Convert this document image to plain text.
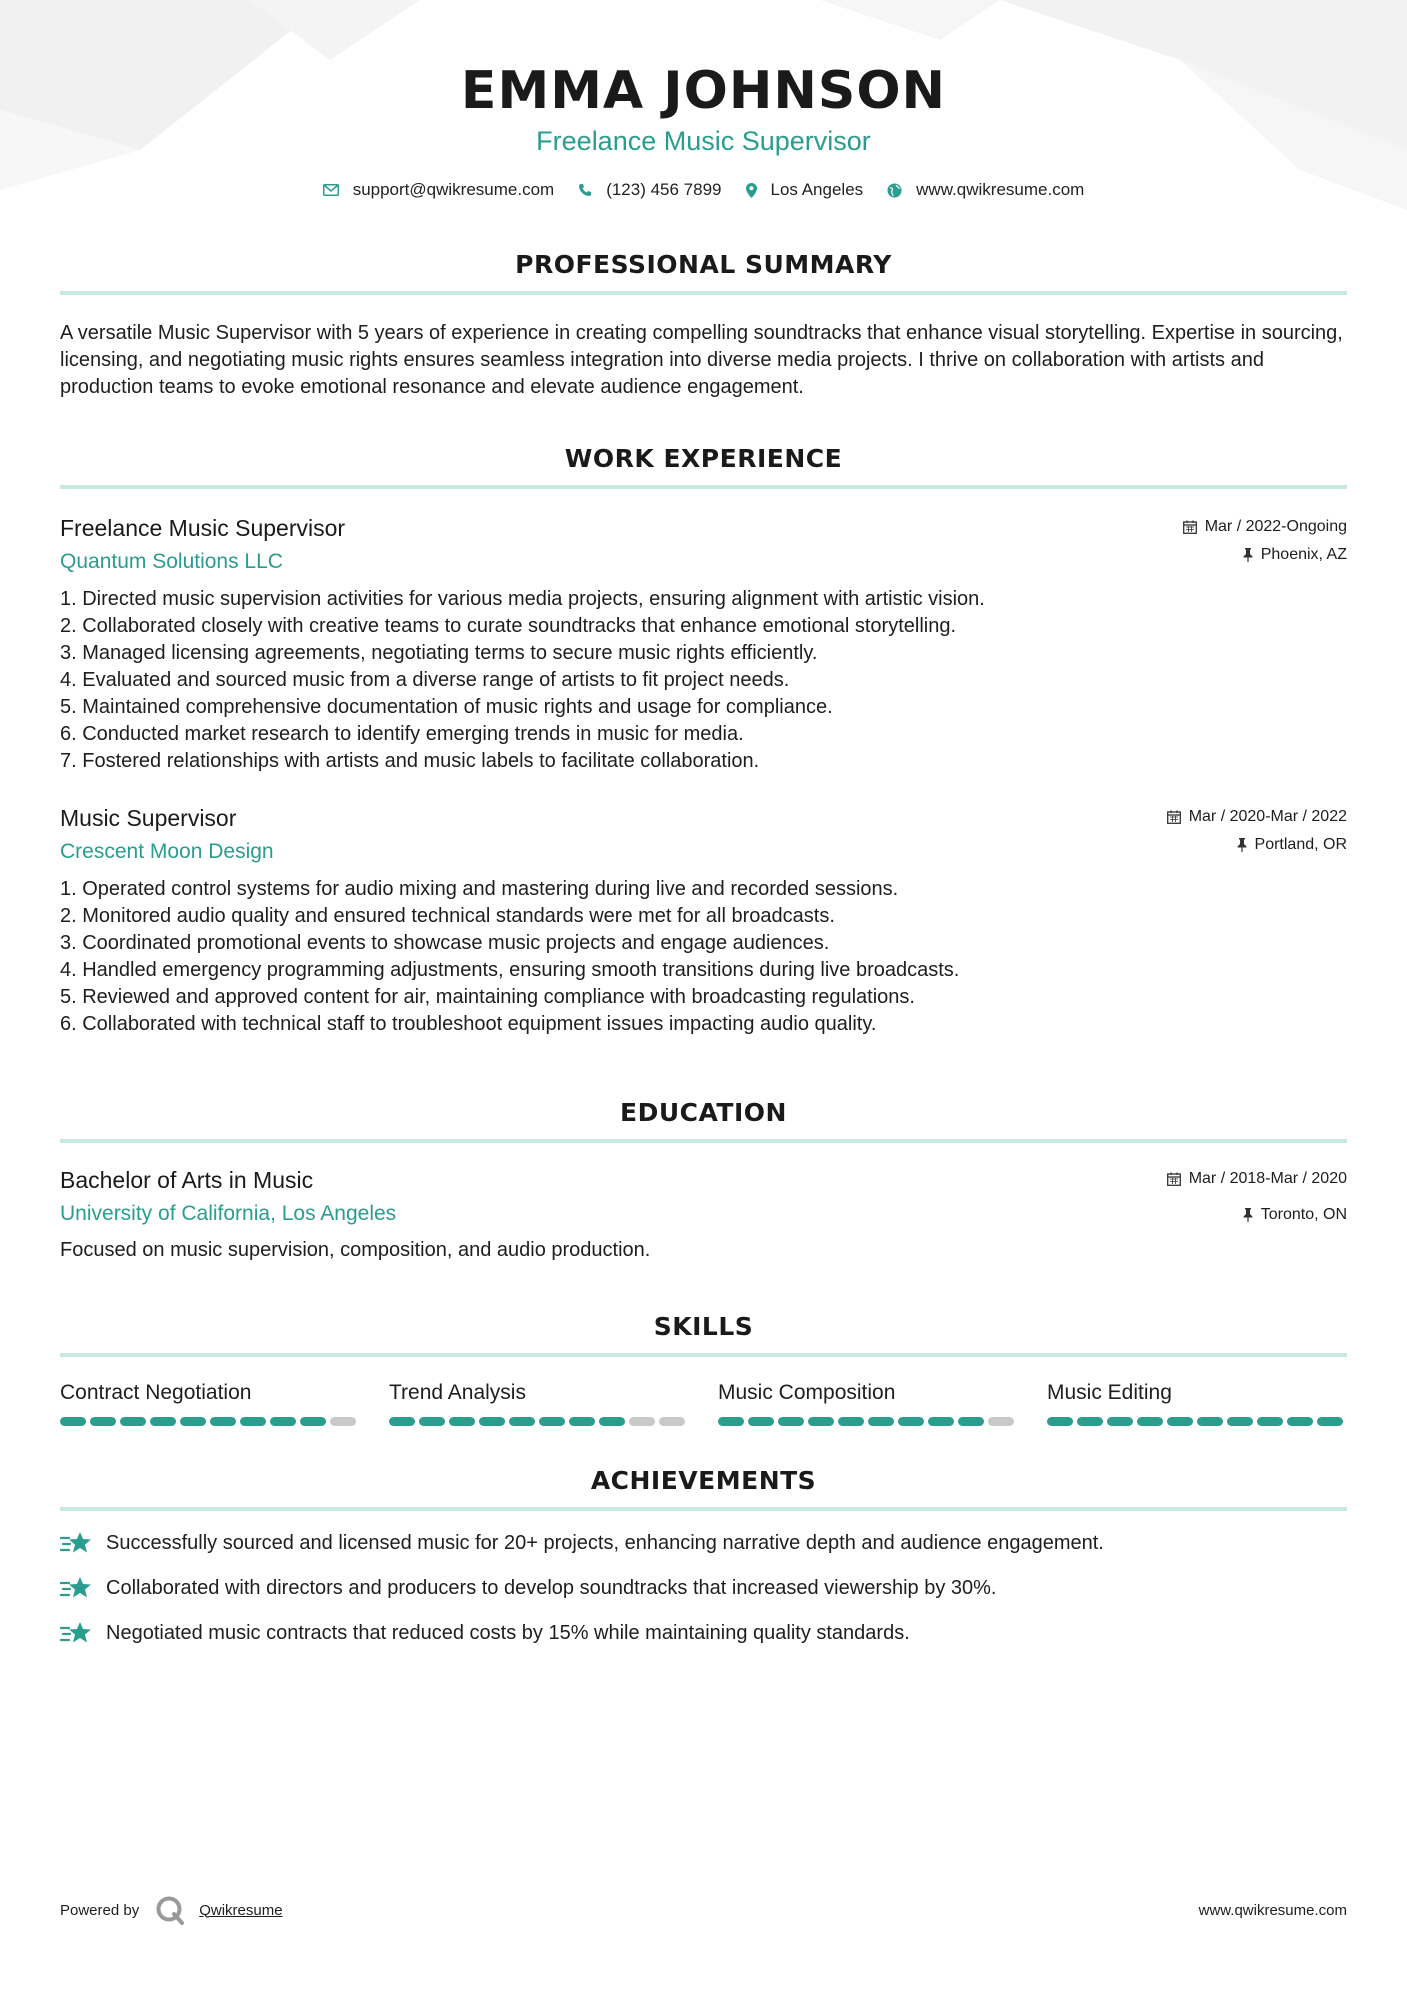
EMMA JOHNSON
Freelance Music Supervisor
support@qwikresume.com	(123) 456 7899	Los Angeles	www.qwikresume.com
PROFESSIONAL SUMMARY

A versatile Music Supervisor with 5 years of experience in creating compelling soundtracks that enhance visual storytelling. Expertise in sourcing, licensing, and negotiating music rights ensures seamless integration into diverse media projects. I thrive on collaboration with artists and production teams to evoke emotional resonance and elevate audience engagement.

WORK EXPERIENCE
Freelance Music Supervisor
Quantum Solutions LLC
Mar / 2022-Ongoing
Phoenix, AZ
1. Directed music supervision activities for various media projects, ensuring alignment with artistic vision.
2. Collaborated closely with creative teams to curate soundtracks that enhance emotional storytelling.
3. Managed licensing agreements, negotiating terms to secure music rights efficiently.
4. Evaluated and sourced music from a diverse range of artists to fit project needs.
5. Maintained comprehensive documentation of music rights and usage for compliance.
6. Conducted market research to identify emerging trends in music for media.
7. Fostered relationships with artists and music labels to facilitate collaboration.
Music Supervisor
Crescent Moon Design
Mar / 2020-Mar / 2022
Portland, OR
1. Operated control systems for audio mixing and mastering during live and recorded sessions.
2. Monitored audio quality and ensured technical standards were met for all broadcasts.
3. Coordinated promotional events to showcase music projects and engage audiences.
4. Handled emergency programming adjustments, ensuring smooth transitions during live broadcasts.
5. Reviewed and approved content for air, maintaining compliance with broadcasting regulations.
6. Collaborated with technical staff to troubleshoot equipment issues impacting audio quality.
EDUCATION
Bachelor of Arts in Music
University of California, Los Angeles
Mar / 2018-Mar / 2020
Toronto, ON

Focused on music supervision, composition, and audio production.

SKILLS
Contract Negotiation	Trend Analysis	Music Composition	Music Editing
ACHIEVEMENTS
Successfully sourced and licensed music for 20+ projects, enhancing narrative depth and audience engagement.
Collaborated with directors and producers to develop soundtracks that increased viewership by 30%.
Negotiated music contracts that reduced costs by 15% while maintaining quality standards.
Powered by	Qwikresume	www.qwikresume.com
